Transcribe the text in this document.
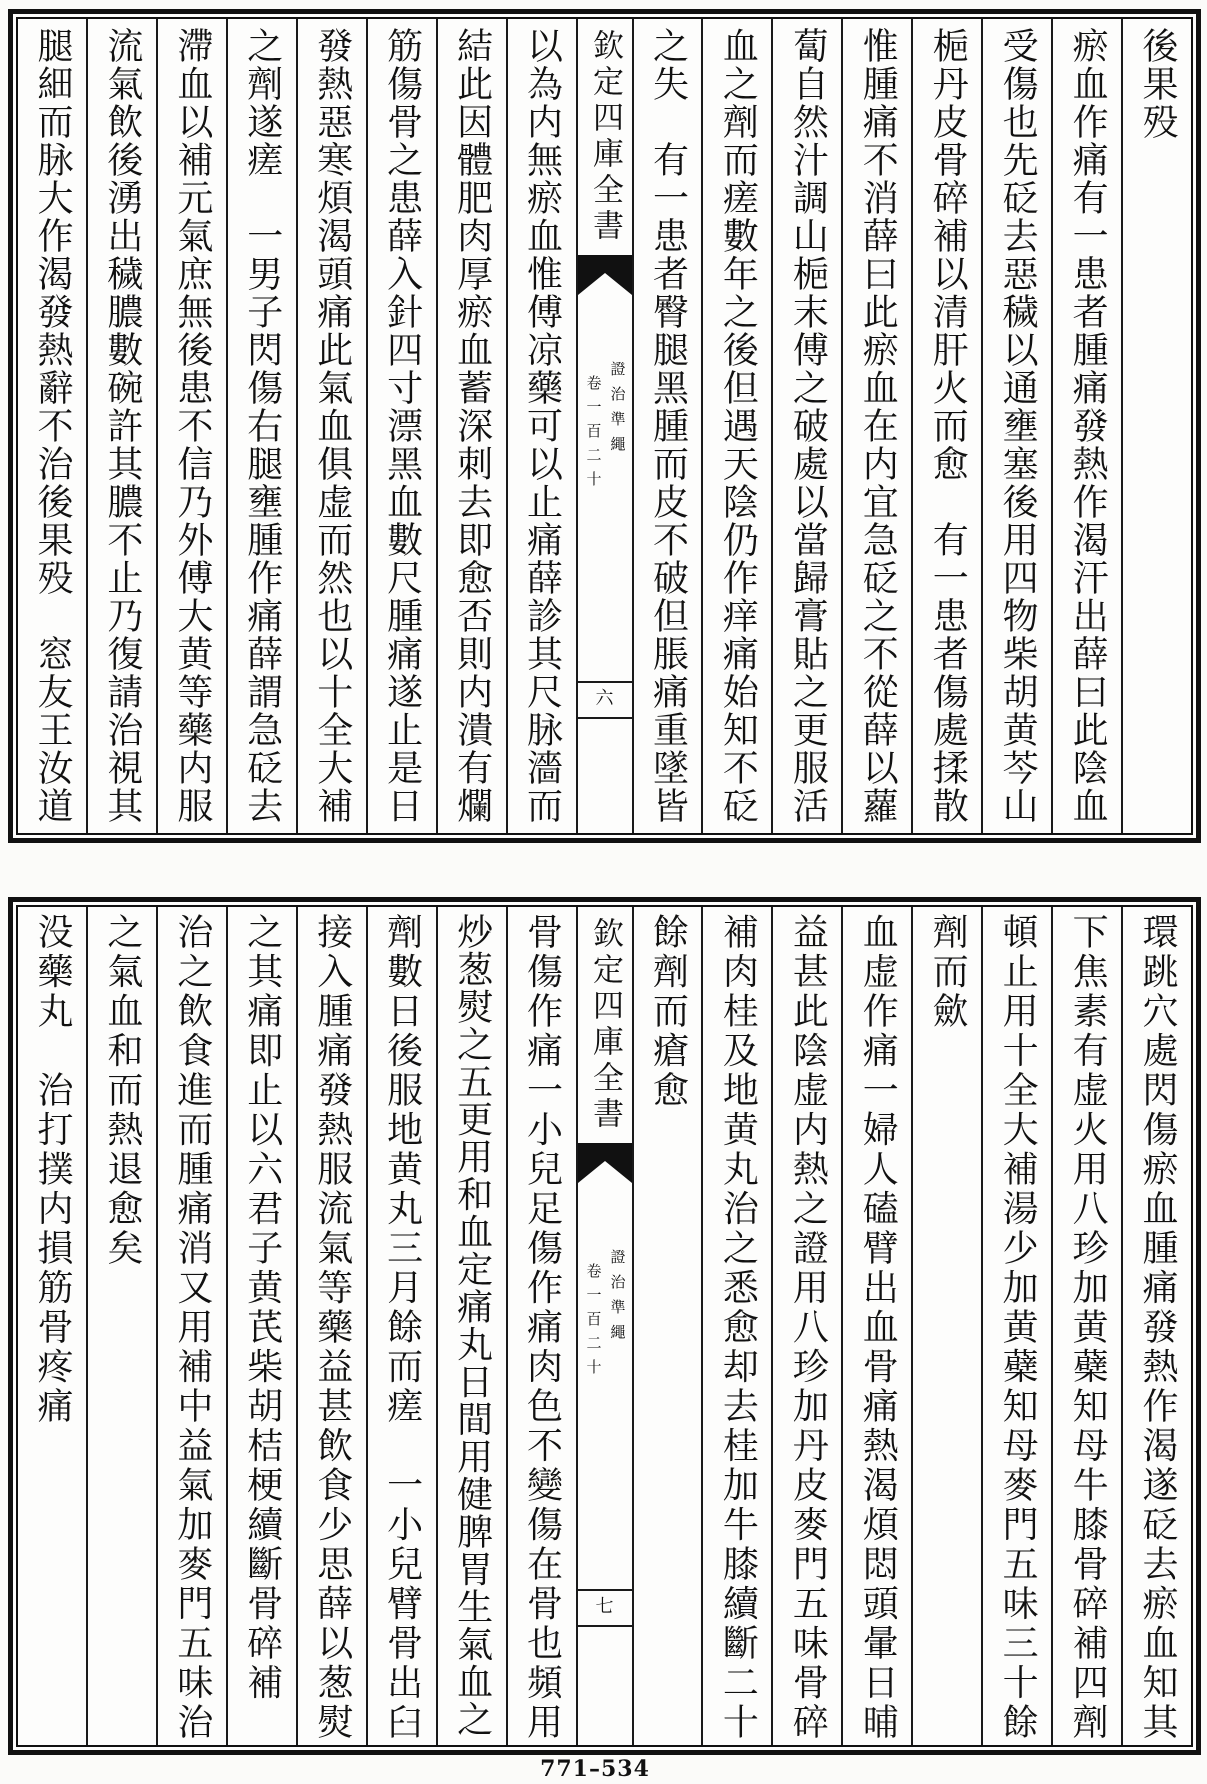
後果殁
瘀血作痛有一患者腫痛發熱作渴汗出薛曰此陰血
受傷也先砭去惡穢以通壅塞後用四物柴胡黄芩山
梔丹皮骨碎補以清肝火而愈　有一患者傷處揉散
惟腫痛不消薛曰此瘀血在内宜急砭之不從薛以蘿
蔔自然汁調山梔末傅之破處以當歸膏貼之更服活
血之劑而瘥數年之後但遇天陰仍作痒痛始知不砭
之失　有一患者臀腿黑腫而皮不破但脹痛重墜皆
欽定四庫全書
證治準繩
卷一百二十
六
以為内無瘀血惟傅凉藥可以止痛薛診其尺脉濇而
結此因體肥肉厚瘀血蓄深刺去即愈否則内潰有爛
筋傷骨之患薛入針四寸漂黑血數尺腫痛遂止是日
發熱惡寒煩渴頭痛此氣血俱虚而然也以十全大補
之劑遂瘥　一男子閃傷右腿壅腫作痛薛謂急砭去
滯血以補元氣庶無後患不信乃外傅大黄等藥内服
流氣飲後湧出穢膿數碗許其膿不止乃復請治視其
腿細而脉大作渴發熱辭不治後果殁　窓友王汝道
環跳穴處閃傷瘀血腫痛發熱作渴遂砭去瘀血知其
下焦素有虚火用八珍加黄蘗知母牛膝骨碎補四劑
頓止用十全大補湯少加黄蘗知母麥門五味三十餘
劑而歛
血虚作痛一婦人磕臂出血骨痛熱渴煩悶頭暈日晡
益甚此陰虚内熱之證用八珍加丹皮麥門五味骨碎
補肉桂及地黄丸治之悉愈却去桂加牛膝續斷二十
餘劑而瘡愈
欽定四庫全書
證治準繩
卷一百二十
七
骨傷作痛一小兒足傷作痛肉色不變傷在骨也頻用
炒葱熨之五更用和血定痛丸日間用健脾胃生氣血之
劑數日後服地黄丸三月餘而瘥　一小兒臂骨出臼
接入腫痛發熱服流氣等藥益甚飲食少思薛以葱熨
之其痛即止以六君子黄芪柴胡桔梗續斷骨碎補
治之飲食進而腫痛消又用補中益氣加麥門五味治
之氣血和而熱退愈矣
没藥丸　治打撲内損筋骨疼痛
771–534
